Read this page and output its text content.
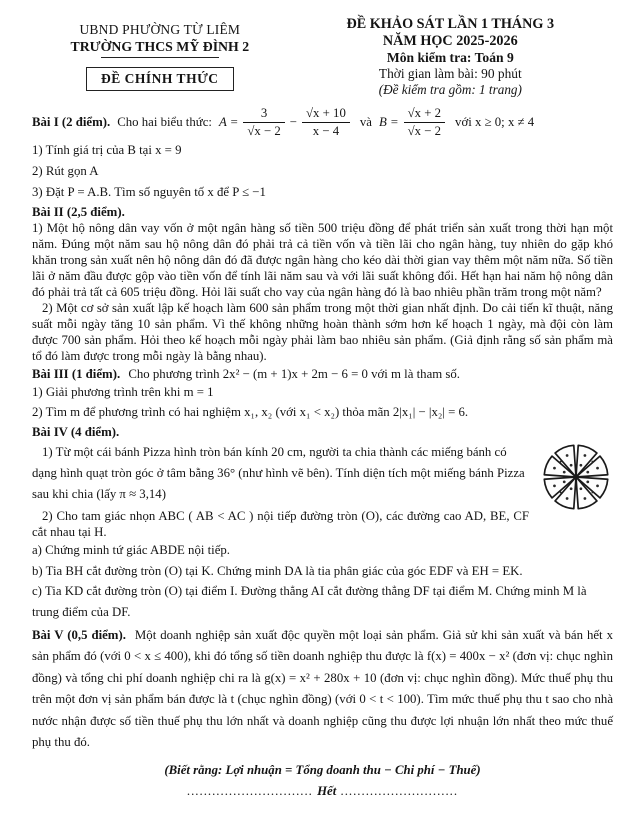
UBND PHƯỜNG TỪ LIÊM
TRƯỜNG THCS MỸ ĐÌNH 2
ĐỀ CHÍNH THỨC
ĐỀ KHẢO SÁT LẦN 1 THÁNG 3
NĂM HỌC 2025-2026
Môn kiểm tra: Toán 9
Thời gian làm bài: 90 phút
(Đề kiểm tra gồm: 1 trang)
Bài I (2 điểm). Cho hai biểu thức: $A = \frac{3}{√x - 2} - \frac{√x + 10}{x - 4}$ và $B = \frac{√x + 2}{√x - 2}$ với x ≥ 0; x ≠ 4

1) Tính giá trị của B tại x = 9

2) Rút gọn A

3) Đặt P = A.B. Tìm số nguyên tố x để P ≤ −1

Bài II (2,5 điểm).

1) Một hộ nông dân vay vốn ở một ngân hàng số tiền 500 triệu đồng để phát triển sản xuất trong thời hạn một năm. Đúng một năm sau hộ nông dân đó phải trả cả tiền vốn và tiền lãi cho ngân hàng, tuy nhiên do gặp khó khăn trong sản xuất nên hộ nông dân đó đã được ngân hàng cho kéo dài thời gian vay thêm một năm nữa. Số tiền lãi ở năm đầu được gộp vào tiền vốn để tính lãi năm sau và với lãi suất không đổi. Hết hạn hai năm hộ nông dân đó phải trả tất cả 605 triệu đồng. Hỏi lãi suất cho vay của ngân hàng đó là bao nhiêu phần trăm trong một năm?

2) Một cơ sở sản xuất lập kế hoạch làm 600 sản phẩm trong một thời gian nhất định. Do cải tiến kĩ thuật, năng suất mỗi ngày tăng 10 sản phẩm. Vì thế không những hoàn thành sớm hơn kế hoạch 1 ngày, mà đội còn làm được 700 sản phẩm. Hỏi theo kế hoạch mỗi ngày phải làm bao nhiêu sản phẩm. (Giả định rằng số sản phẩm mà tổ đó làm được trong mỗi ngày là bằng nhau).

Bài III (1 điểm). Cho phương trình 2x² − (m + 1)x + 2m − 6 = 0 với m là tham số.

1) Giải phương trình trên khi m = 1

2) Tìm m để phương trình có hai nghiệm x₁, x₂ (với x₁ < x₂) thỏa mãn 2|x₁| − |x₂| = 6.

Bài IV (4 điểm).

1) Từ một cái bánh Pizza hình tròn bán kính 20 cm, người ta chia thành các miếng bánh có dạng hình quạt tròn góc ở tâm bằng 36° (như hình vẽ bên). Tính diện tích một miếng bánh Pizza sau khi chia (lấy π ≈ 3,14)

2) Cho tam giác nhọn ABC ( AB < AC ) nội tiếp đường tròn (O), các đường cao AD, BE, CF cắt nhau tại H.

a) Chứng minh tứ giác ABDE nội tiếp.

b) Tia BH cắt đường tròn (O) tại K. Chứng minh DA là tia phân giác của góc EDF và EH = EK.

c) Tia KD cắt đường tròn (O) tại điểm I. Đường thẳng AI cắt đường thẳng DF tại điểm M. Chứng minh M là trung điểm của DF.

Bài V (0,5 điểm). Một doanh nghiệp sản xuất độc quyền một loại sản phẩm. Giả sử khi sản xuất và bán hết x sản phẩm đó (với 0 < x ≤ 400), khi đó tổng số tiền doanh nghiệp thu được là f(x) = 400x − x² (đơn vị: chục nghìn đồng) và tổng chi phí doanh nghiệp chi ra là g(x) = x² + 280x + 10 (đơn vị: chục nghìn đồng). Mức thuế phụ thu trên một đơn vị sản phẩm bán được là t (chục nghìn đồng) (với 0 < t < 100). Tìm mức thuế phụ thu t sao cho nhà nước nhận được số tiền thuế phụ thu lớn nhất và doanh nghiệp cũng thu được lợi nhuận lớn nhất theo mức thuế phụ thu đó.

(Biết rằng: Lợi nhuận = Tổng doanh thu − Chi phí − Thuế)
.............................. Hết ............................
